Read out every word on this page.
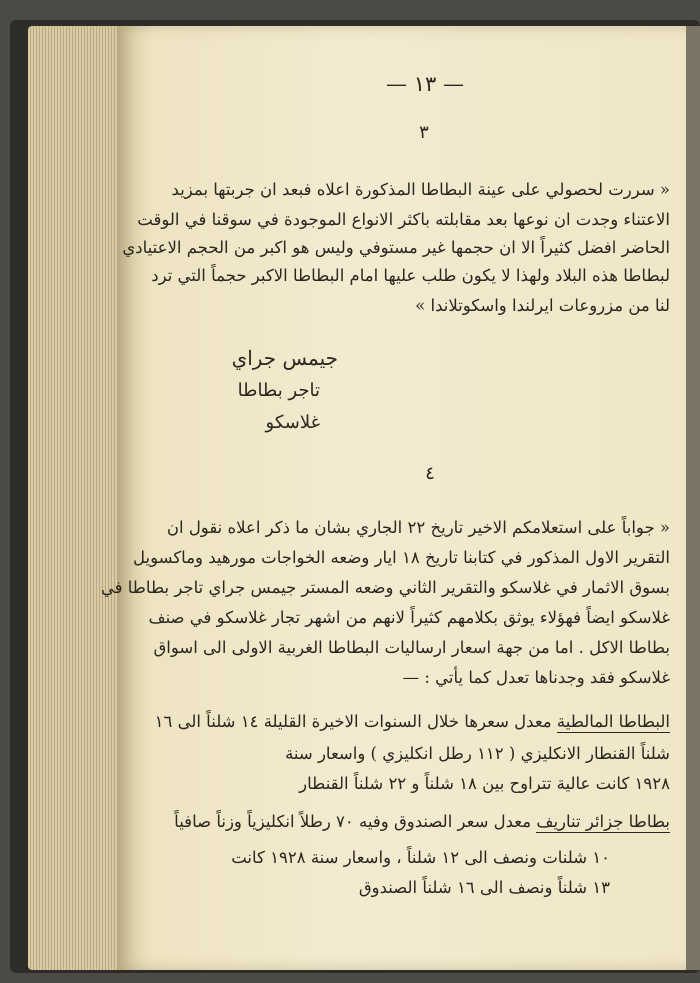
— ١٣ —
٣
« سررت لحصولي على عينة البطاطا المذكورة اعلاه فبعد ان جربتها بمزيد
الاعتناء وجدت ان نوعها بعد مقابلته باكثر الانواع الموجودة في سوقنا في الوقت
الحاضر افضل كثيراً الا ان حجمها غير مستوفي وليس هو اكبر من الحجم الاعتيادي
لبطاطا هذه البلاد ولهذا لا يكون طلب عليها امام البطاطا الاكبر حجماً التي ترد
لنا من مزروعات ايرلندا واسكوتلاندا »
جيمس جراي
تاجر بطاطا
غلاسكو
٤
« جواباً على استعلامكم الاخير تاريخ ٢٢ الجاري بشان ما ذكر اعلاه نقول ان
التقرير الاول المذكور في كتابنا تاريخ ١٨ ايار وضعه الخواجات مورهيد وماكسويل
بسوق الاثمار في غلاسكو والتقرير الثاني وضعه المستر جيمس جراي تاجر بطاطا في
غلاسكو ايضاً فهؤلاء يوثق بكلامهم كثيراً لانهم من اشهر تجار غلاسكو في صنف
بطاطا الاكل . اما من جهة اسعار ارساليات البطاطا الغربية الاولى الى اسواق
غلاسكو فقد وجدناها تعدل كما يأتي : —
البطاطا المالطية معدل سعرها خلال السنوات الاخيرة القليلة ١٤ شلناً الى ١٦
شلناً القنطار الانكليزي ( ١١٢ رطل انكليزي ) واسعار سنة
١٩٢٨ كانت عالية تتراوح بين ١٨ شلناً و ٢٢ شلناً القنطار
بطاطا جزائر تناريف معدل سعر الصندوق وفيه ٧٠ رطلاً انكليزياً وزناً صافياً
١٠ شلنات ونصف الى ١٢ شلناً ، واسعار سنة ١٩٢٨ كانت
١٣ شلناً ونصف الى ١٦ شلناً الصندوق
